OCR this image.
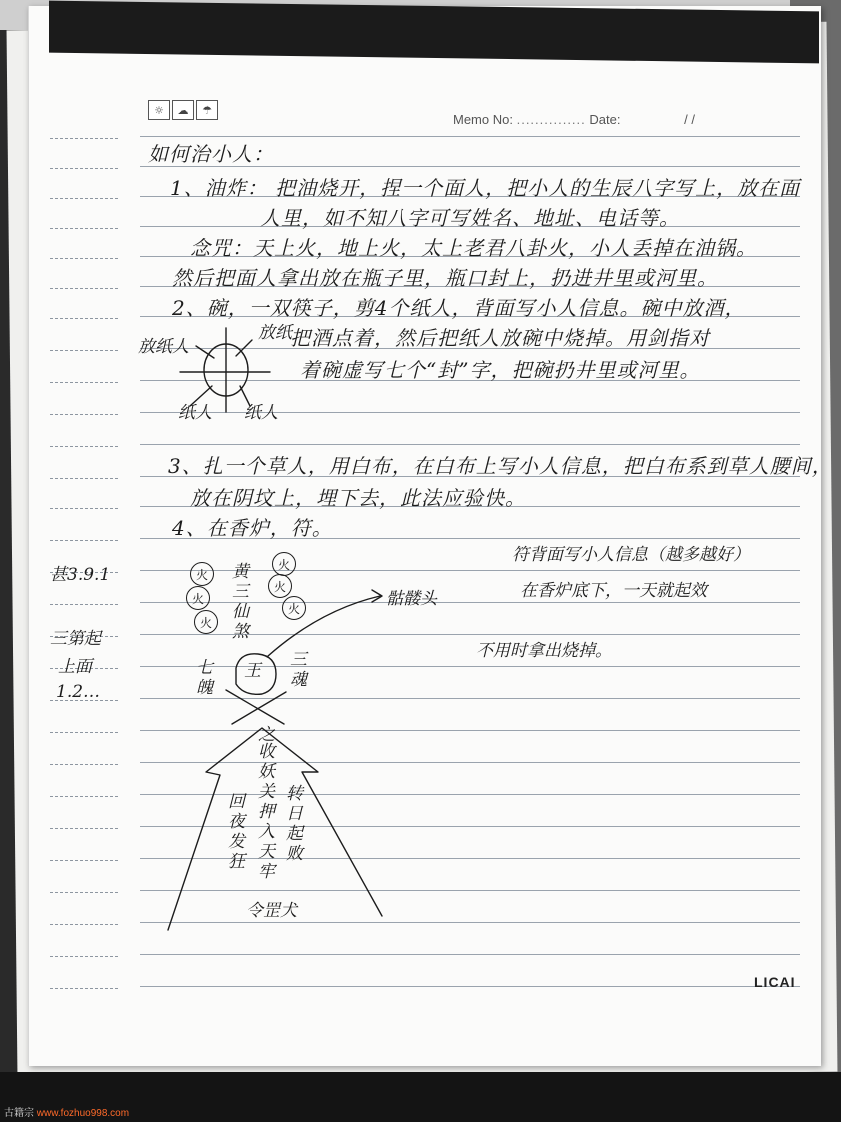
☼	☁	☂
Memo No: ............... Date:	/ /
如何治小人：
1、油炸： 把油烧开，捏一个面人，把小人的生辰八字写上，放在面
人里，如不知八字可写姓名、地址、电话等。
念咒：天上火，地上火，太上老君八卦火，小人丢掉在油锅。
然后把面人拿出放在瓶子里，瓶口封上，扔进井里或河里。
2、碗，一双筷子，剪4个纸人，背面写小人信息。碗中放酒，
把酒点着，然后把纸人放碗中烧掉。用剑指对
着碗虚写七个“封”字，把碗扔井里或河里。
3、扎一个草人，用白布，在白布上写小人信息，把白布系到草人腰间，
放在阴坟上，埋下去，此法应验快。
4、在香炉，符。
放纸人
放纸
纸人 纸人
甚3.9.1
三第起
上面
1.2…
符背面写小人信息（越多越好）
在香炉底下，一天就起效
不用时拿出烧掉。
骷髅头
黄三仙煞
七魄
三魂
王
之
收妖关押入天牢
回夜发狂
转日起败
令罡犬
火
火
火
火
火
火
LICAI
古籍宗 www.fozhuo998.com
